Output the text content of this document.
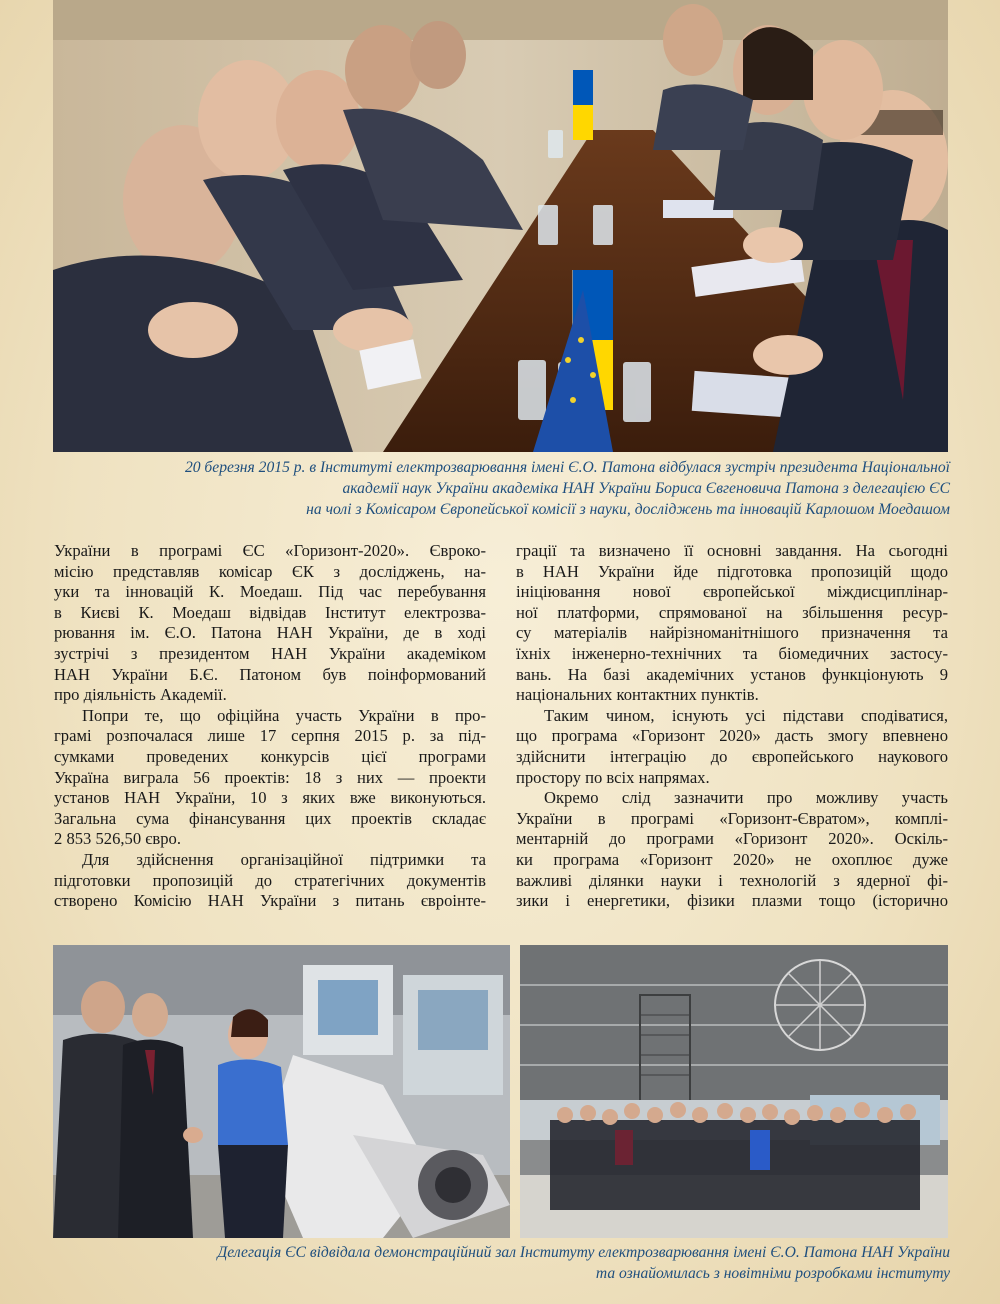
20 березня 2015 р. в Інституті електрозварювання імені Є.О. Патона відбулася зустріч президента Національної
академії наук України академіка НАН України Бориса Євгеновича Патона з делегацією ЄС
на чолі з Комісаром Європейської комісії з науки, досліджень та інновацій Карлошом Моедашом

України в програмі ЄС «Горизонт-2020». Єврoко-
місію представляв комісар ЄК з досліджень, на-
уки та інновацій К. Моедаш. Під час перебування
в Києві К. Моедаш відвідав Інститут електрозва-
рювання ім. Є.О. Патона НАН України, де в ході
зустрічі з президентом НАН України академіком
НАН України Б.Є. Патоном був поінформований
про діяльність Академії.

Попри те, що офіційна участь України в про-
грамі розпочалася лише 17 серпня 2015 р. за під-
сумками проведених конкурсів цієї програми
Україна виграла 56 проектів: 18 з них — проекти
установ НАН України, 10 з яких вже виконуються.
Загальна сума фінансування цих проектів складає
2 853 526,50 євро.

Для здійснення організаційної підтримки та
підготовки пропозицій до стратегічних документів
створено Комісію НАН України з питань євроінте-

грації та визначено її основні завдання. На сьогодні
в НАН України йде підготовка пропозицій щодо
ініціювання нової європейської міждисциплінар-
ної платформи, спрямованої на збільшення ресур-
су матеріалів найрізноманітнішого призначення та
їхніх інженерно-технічних та біомедичних застосу-
вань. На базі академічних установ функціонують 9
національних контактних пунктів.

Таким чином, існують усі підстави сподіватися,
що програма «Горизонт 2020» дасть змогу впевнено
здійснити інтеграцію до європейського наукового
простору по всіх напрямах.

Окремо слід зазначити про можливу участь
України в програмі «Горизонт-Євратом», комплі-
ментарній до програми «Горизонт 2020». Оскіль-
ки програма «Горизонт 2020» не охоплює дуже
важливі ділянки науки і технологій з ядерної фі-
зики і енергетики, фізики плазми тощо (історично

Делегація ЄС відвідала демонстраційний зал Інституту електрозварювання імені Є.О. Патона НАН України
та ознайомилась з новітніми розробками інституту
